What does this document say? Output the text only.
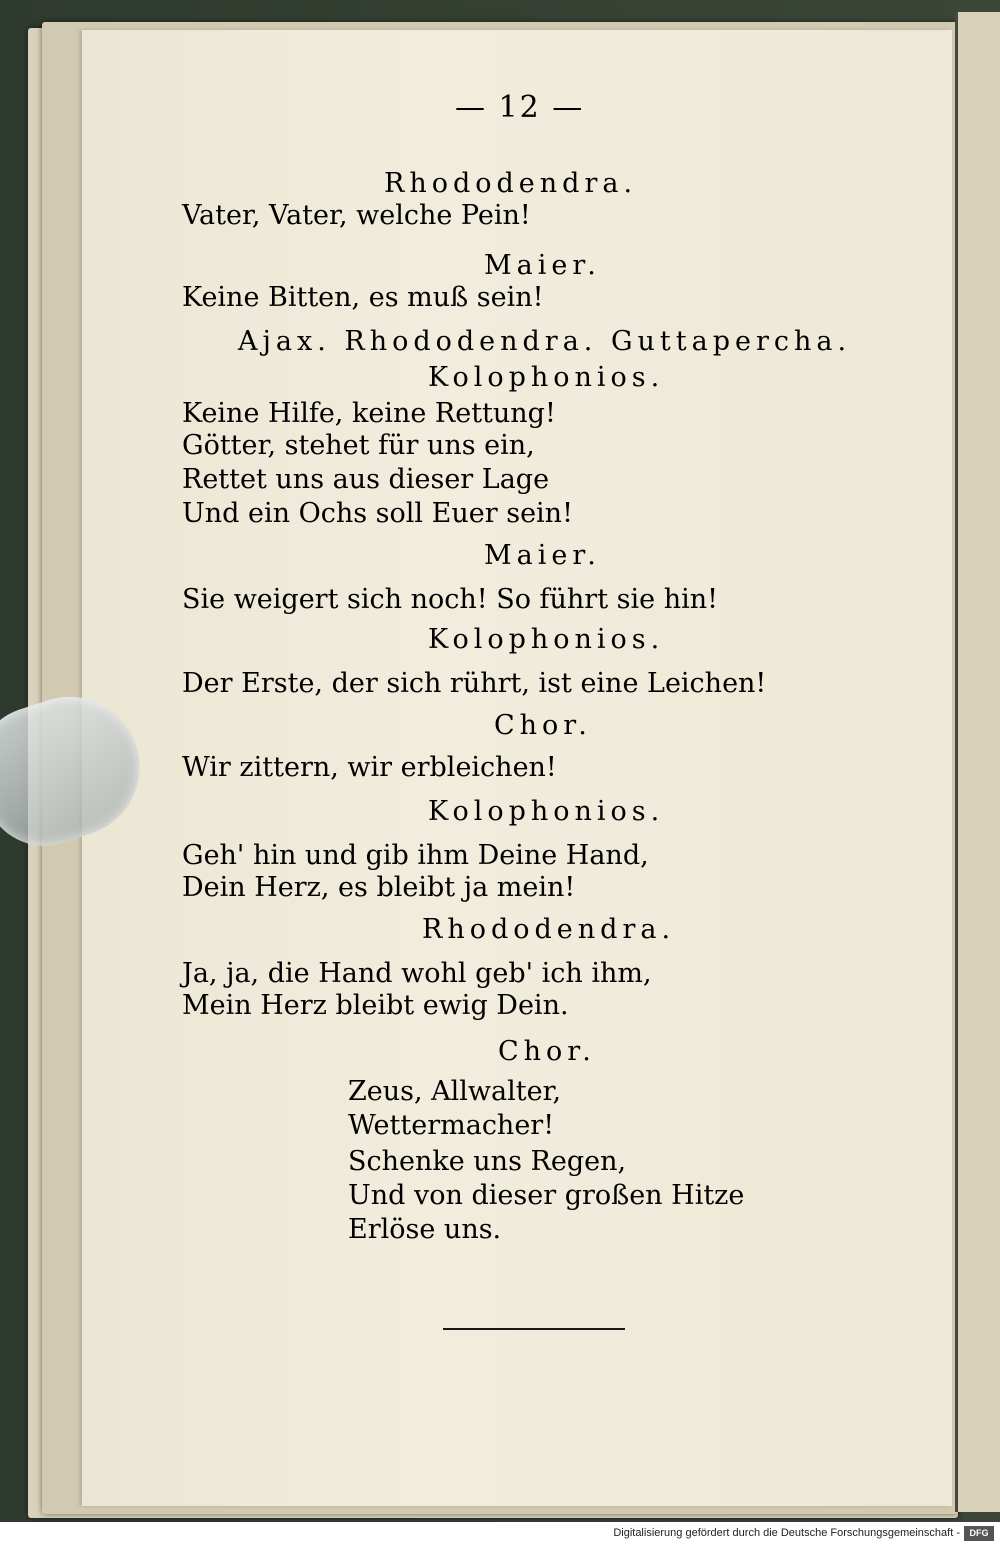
— 12 —
Rhododendra.
Vater, Vater, welche Pein!
Maier.
Keine Bitten, es muß sein!
Ajax. Rhododendra. Guttapercha.
Kolophonios.
Keine Hilfe, keine Rettung!
Götter, stehet für uns ein,
Rettet uns aus dieser Lage
Und ein Ochs soll Euer sein!
Maier.
Sie weigert sich noch! So führt sie hin!
Kolophonios.
Der Erste, der sich rührt, ist eine Leichen!
Chor.
Wir zittern, wir erbleichen!
Kolophonios.
Geh' hin und gib ihm Deine Hand,
Dein Herz, es bleibt ja mein!
Rhododendra.
Ja, ja, die Hand wohl geb' ich ihm,
Mein Herz bleibt ewig Dein.
Chor.
Zeus, Allwalter,
Wettermacher!
Schenke uns Regen,
Und von dieser großen Hitze
Erlöse uns.
Digitalisierung gefördert durch die Deutsche Forschungsgemeinschaft -	DFG
